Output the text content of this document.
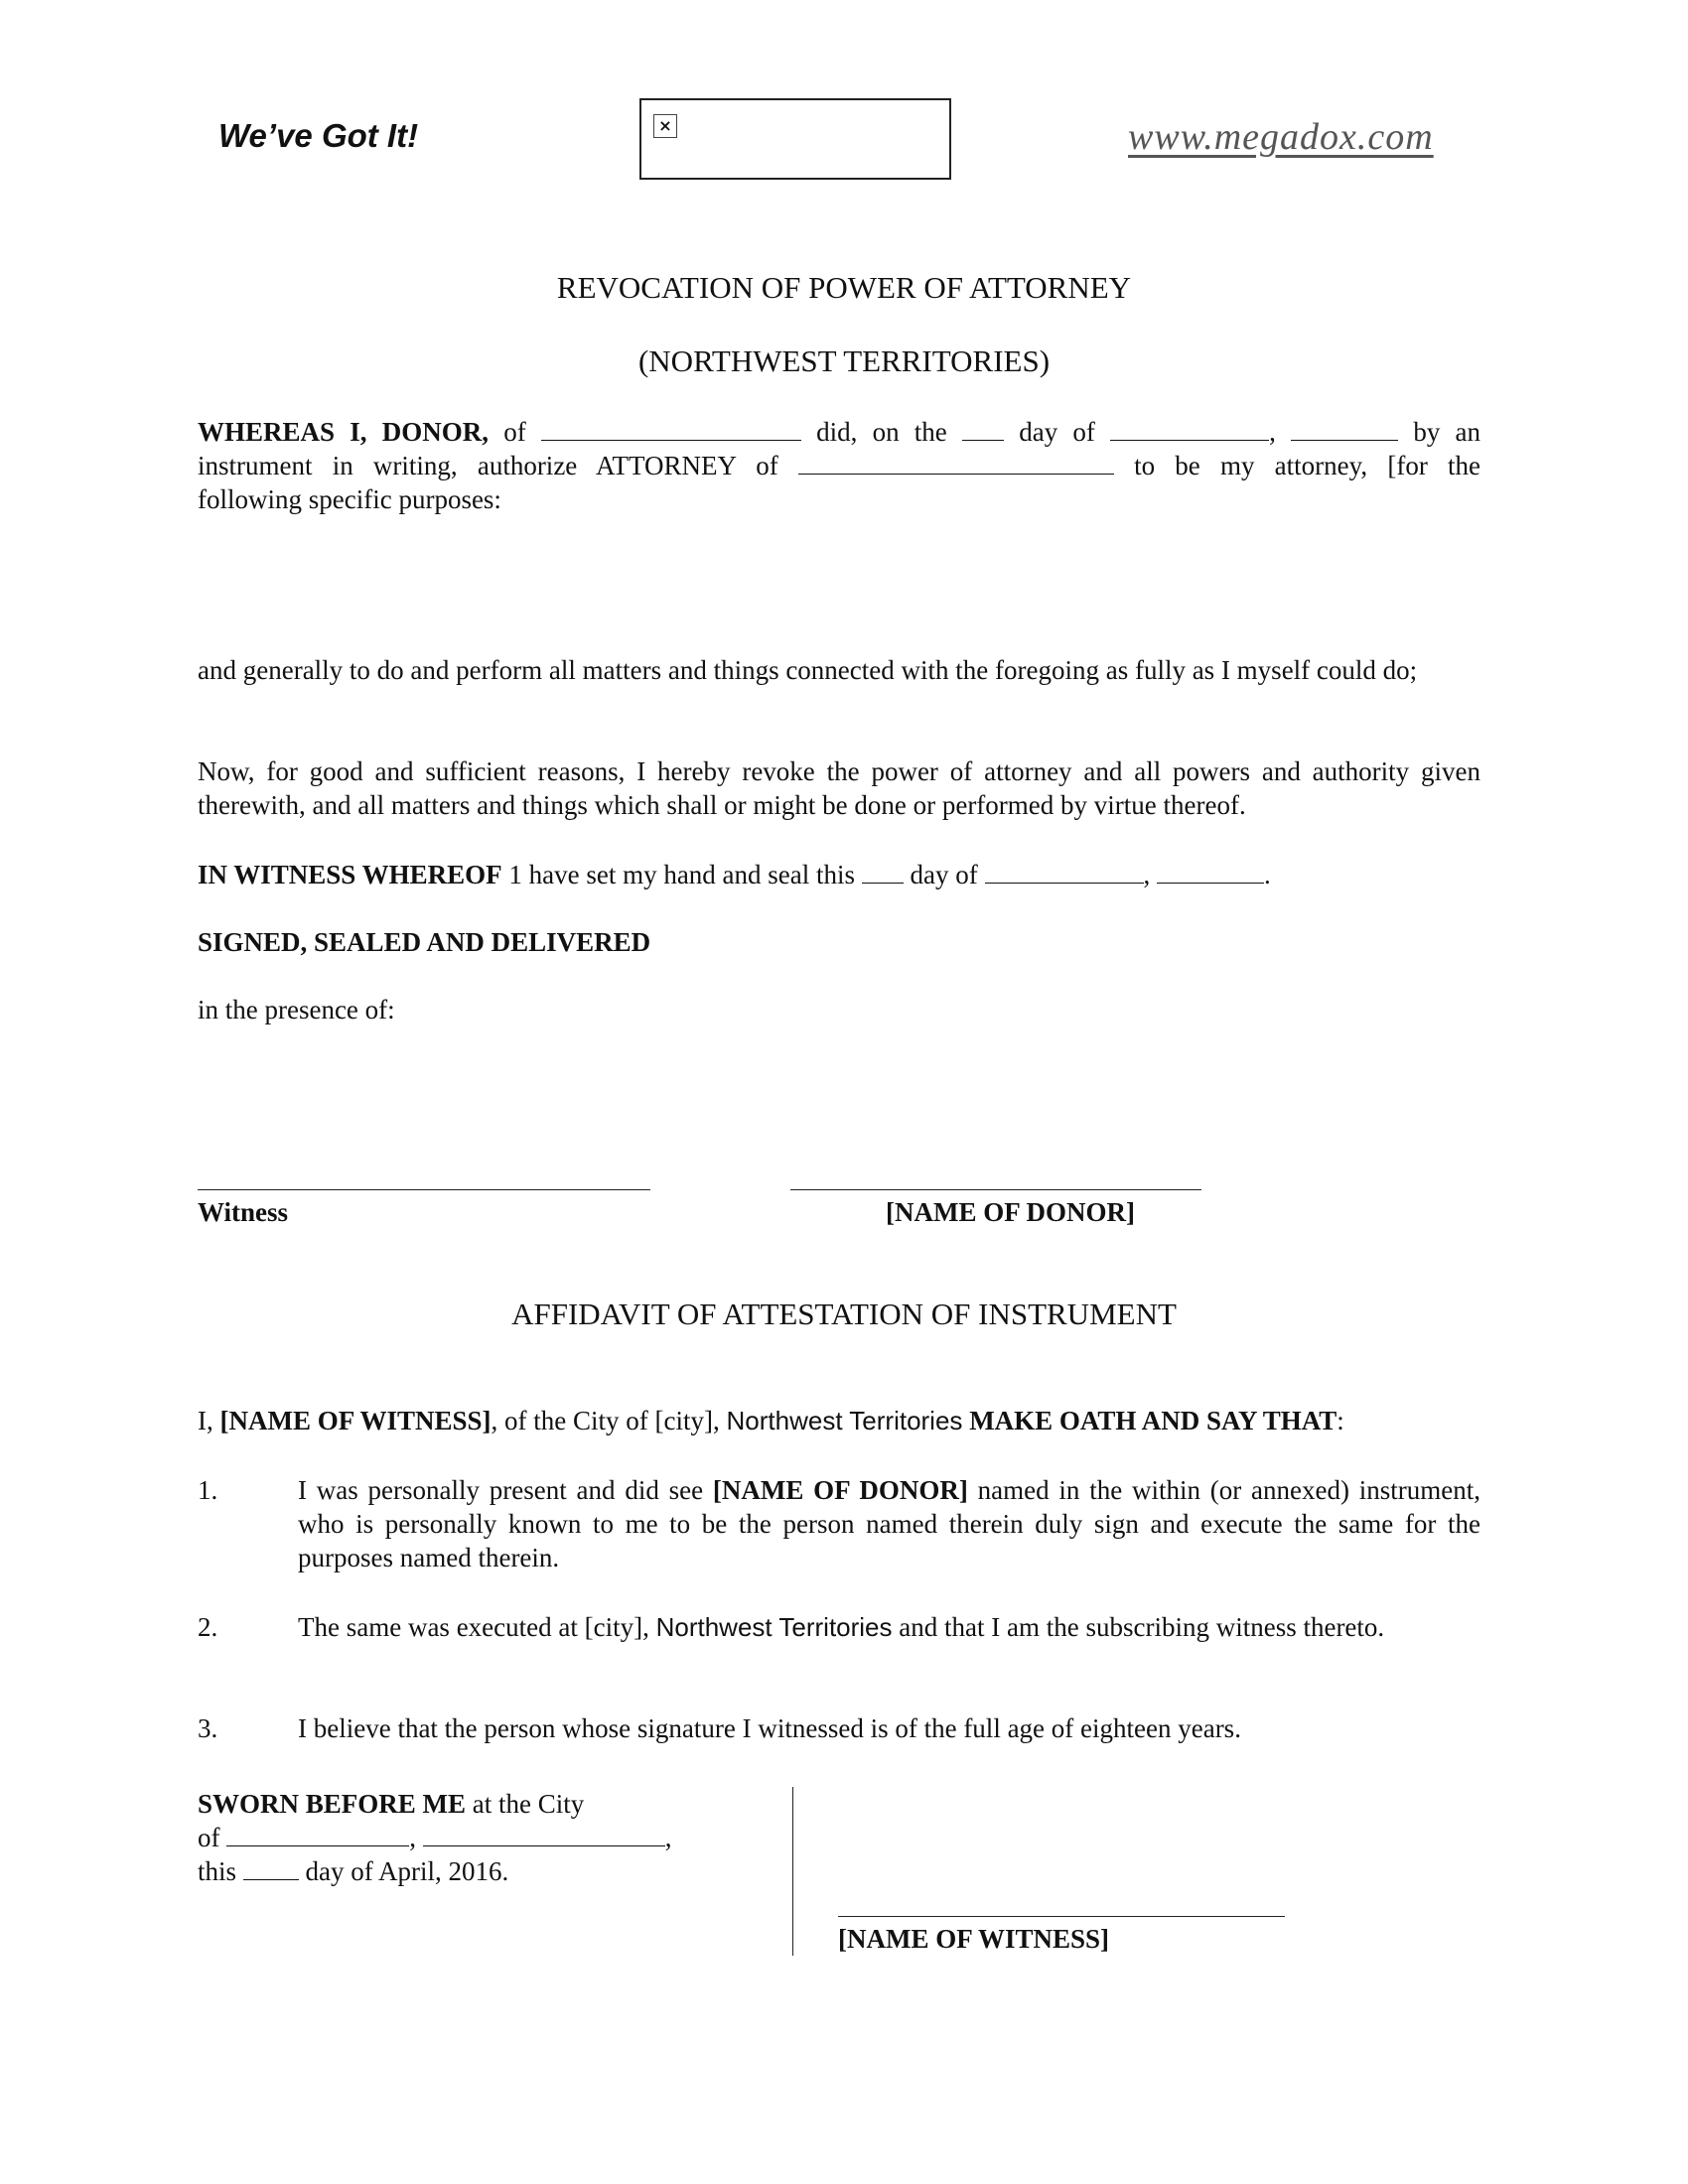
We’ve Got It!	×	www.megadox.com
REVOCATION OF POWER OF ATTORNEY
(NORTHWEST TERRITORIES)
WHEREAS I, DONOR, of	did, on the	day of	,	by an
instrument in writing, authorize ATTORNEY of	to be my attorney, [for the
following specific purposes:
and generally to do and perform all matters and things connected with the foregoing as fully as I myself could do;
Now, for good and sufficient reasons, I hereby revoke the power of attorney and all powers and authority given therewith, and all matters and things which shall or might be done or performed by virtue thereof.
IN WITNESS WHEREOF 1 have set my hand and seal this day of	,	.
SIGNED, SEALED AND DELIVERED
in the presence of:
Witness	[NAME OF DONOR]
AFFIDAVIT OF ATTESTATION OF INSTRUMENT
I, [NAME OF WITNESS], of the City of [city], Northwest Territories MAKE OATH AND SAY THAT:
1.	I was personally present and did see [NAME OF DONOR] named in the within (or annexed) instrument, who is personally known to me to be the person named therein duly sign and execute the same for the purposes named therein.
2.	The same was executed at [city], Northwest Territories and that I am the subscribing witness thereto.
3.	I believe that the person whose signature I witnessed is of the full age of eighteen years.
SWORN BEFORE ME at the City
of	,	,
this	day of April, 2016.
[NAME OF WITNESS]
